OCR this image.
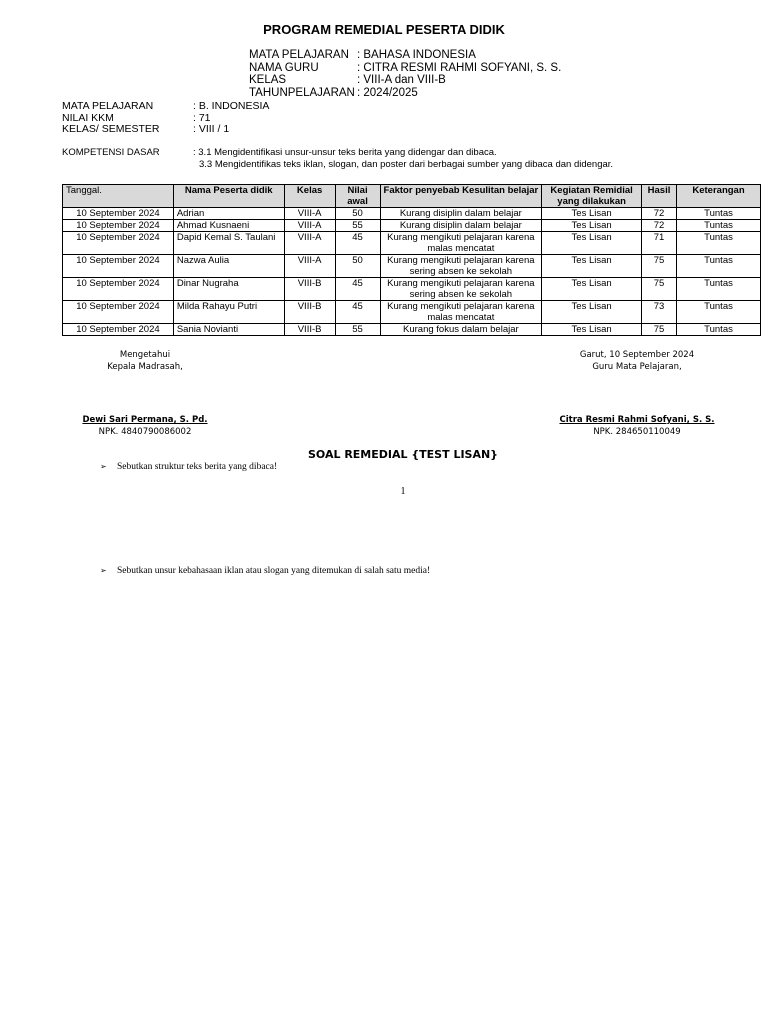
PROGRAM REMEDIAL PESERTA DIDIK
MATA PELAJARAN : BAHASA INDONESIA
NAMA GURU	: CITRA RESMI RAHMI SOFYANI, S. S.
KELAS	: VIII-A dan VIII-B
TAHUNPELAJARAN : 2024/2025
MATA PELAJARAN	: B. INDONESIA
NILAI KKM	: 71
KELAS/ SEMESTER	: VIII / 1
KOMPETENSI DASAR	: 3.1 Mengidentifikasi unsur-unsur teks berita yang didengar dan dibaca.
3.3 Mengidentifikas teks iklan, slogan, dan poster dari berbagai sumber yang dibaca dan didengar.
Tanggal.	Nama Peserta didik	Kelas	Nilai awal	Faktor penyebab Kesulitan belajar	Kegiatan Remidial yang dilakukan	Hasil	Keterangan
10 September 2024	Adrian	VIII-A	50	Kurang disiplin dalam belajar	Tes Lisan	72	Tuntas
10 September 2024	Ahmad Kusnaeni	VIII-A	55	Kurang disiplin dalam belajar	Tes Lisan	72	Tuntas
10 September 2024	Dapid Kemal S. Taulani	VIII-A	45	Kurang mengikuti pelajaran karena malas mencatat	Tes Lisan	71	Tuntas
10 September 2024	Nazwa Aulia	VIII-A	50	Kurang mengikuti pelajaran karena sering absen ke sekolah	Tes Lisan	75	Tuntas
10 September 2024	Dinar Nugraha	VIII-B	45	Kurang mengikuti pelajaran karena sering absen ke sekolah	Tes Lisan	75	Tuntas
10 September 2024	Milda Rahayu Putri	VIII-B	45	Kurang mengikuti pelajaran karena malas mencatat	Tes Lisan	73	Tuntas
10 September 2024	Sania Novianti	VIII-B	55	Kurang fokus dalam belajar	Tes Lisan	75	Tuntas
Mengetahui
Kepala Madrasah,
Dewi Sari Permana, S. Pd.
NPK. 4840790086002
Garut, 10 September 2024
Guru Mata Pelajaran,
Citra Resmi Rahmi Sofyani, S. S.
NPK. 284650110049
SOAL REMEDIAL {TEST LISAN}
➢	Sebutkan struktur teks berita yang dibaca!
1
➢	Sebutkan unsur kebahasaan iklan atau slogan yang ditemukan di salah satu media!
